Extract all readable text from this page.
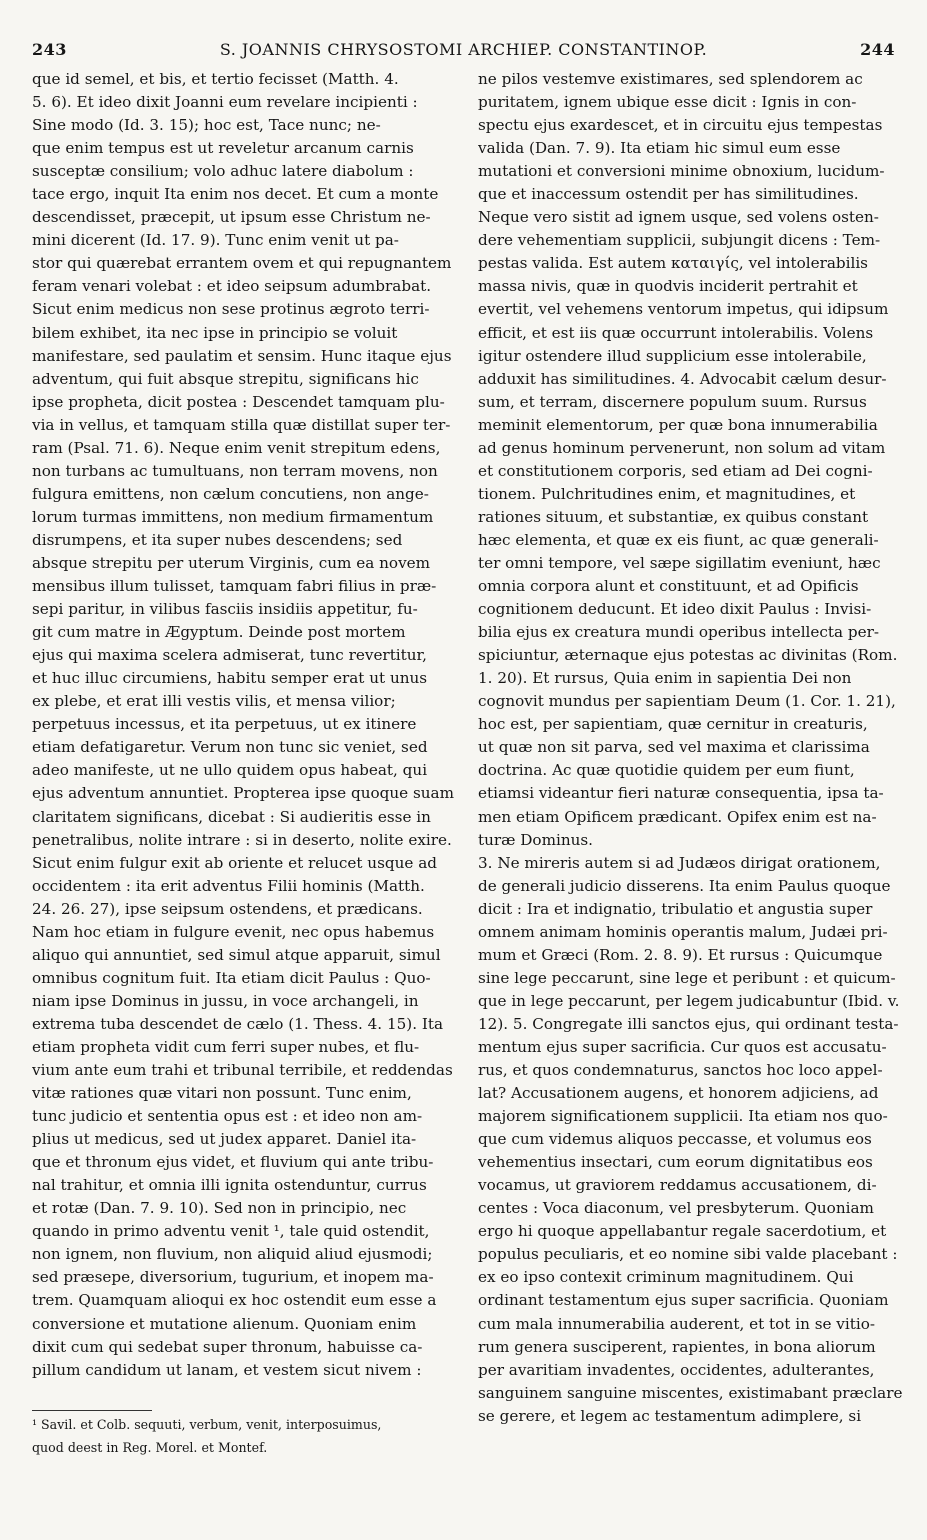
243	S. JOANNIS CHRYSOSTOMI ARCHIEP. CONSTANTINOP.	244
que id semel, et bis, et tertio fecisset (Matth. 4.
5. 6). Et ideo dixit Joanni eum revelare incipienti :
Sine modo (Id. 3. 15); hoc est, Tace nunc; ne-
que enim tempus est ut reveletur arcanum carnis
susceptæ consilium; volo adhuc latere diabolum :
tace ergo, inquit Ita enim nos decet. Et cum a monte
descendisset, præcepit, ut ipsum esse Christum ne-
mini dicerent (Id. 17. 9). Tunc enim venit ut pa-
stor qui quærebat errantem ovem et qui repugnantem
feram venari volebat : et ideo seipsum adumbrabat.
Sicut enim medicus non sese protinus ægroto terri-
bilem exhibet, ita nec ipse in principio se voluit
manifestare, sed paulatim et sensim. Hunc itaque ejus
adventum, qui fuit absque strepitu, significans hic
ipse propheta, dicit postea : Descendet tamquam plu-
via in vellus, et tamquam stilla quæ distillat super ter-
ram (Psal. 71. 6). Neque enim venit strepitum edens,
non turbans ac tumultuans, non terram movens, non
fulgura emittens, non cælum concutiens, non ange-
lorum turmas immittens, non medium firmamentum
disrumpens, et ita super nubes descendens; sed
absque strepitu per uterum Virginis, cum ea novem
mensibus illum tulisset, tamquam fabri filius in præ-
sepi paritur, in vilibus fasciis insidiis appetitur, fu-
git cum matre in Ægyptum. Deinde post mortem
ejus qui maxima scelera admiserat, tunc revertitur,
et huc illuc circumiens, habitu semper erat ut unus
ex plebe, et erat illi vestis vilis, et mensa vilior;
perpetuus incessus, et ita perpetuus, ut ex itinere
etiam defatigaretur. Verum non tunc sic veniet, sed
adeo manifeste, ut ne ullo quidem opus habeat, qui
ejus adventum annuntiet. Propterea ipse quoque suam
claritatem significans, dicebat : Si audieritis esse in
penetralibus, nolite intrare : si in deserto, nolite exire.
Sicut enim fulgur exit ab oriente et relucet usque ad
occidentem : ita erit adventus Filii hominis (Matth.
24. 26. 27), ipse seipsum ostendens, et prædicans.
Nam hoc etiam in fulgure evenit, nec opus habemus
aliquo qui annuntiet, sed simul atque apparuit, simul
omnibus cognitum fuit. Ita etiam dicit Paulus : Quo-
niam ipse Dominus in jussu, in voce archangeli, in
extrema tuba descendet de cælo (1. Thess. 4. 15). Ita
etiam propheta vidit cum ferri super nubes, et flu-
vium ante eum trahi et tribunal terribile, et reddendas
vitæ rationes quæ vitari non possunt. Tunc enim,
tunc judicio et sententia opus est : et ideo non am-
plius ut medicus, sed ut judex apparet. Daniel ita-
que et thronum ejus videt, et fluvium qui ante tribu-
nal trahitur, et omnia illi ignita ostenduntur, currus
et rotæ (Dan. 7. 9. 10). Sed non in principio, nec
quando in primo adventu venit ¹, tale quid ostendit,
non ignem, non fluvium, non aliquid aliud ejusmodi;
sed præsepe, diversorium, tugurium, et inopem ma-
trem. Quamquam alioqui ex hoc ostendit eum esse a
conversione et mutatione alienum. Quoniam enim
dixit cum qui sedebat super thronum, habuisse ca-
pillum candidum ut lanam, et vestem sicut nivem :
ne pilos vestemve existimares, sed splendorem ac
puritatem, ignem ubique esse dicit : Ignis in con-
spectu ejus exardescet, et in circuitu ejus tempestas
valida (Dan. 7. 9). Ita etiam hic simul eum esse
mutationi et conversioni minime obnoxium, lucidum-
que et inaccessum ostendit per has similitudines.
Neque vero sistit ad ignem usque, sed volens osten-
dere vehementiam supplicii, subjungit dicens : Tem-
pestas valida. Est autem καταιγίς, vel intolerabilis
massa nivis, quæ in quodvis inciderit pertrahit et
evertit, vel vehemens ventorum impetus, qui idipsum
efficit, et est iis quæ occurrunt intolerabilis. Volens
igitur ostendere illud supplicium esse intolerabile,
adduxit has similitudines. 4. Advocabit cælum desur-
sum, et terram, discernere populum suum. Rursus
meminit elementorum, per quæ bona innumerabilia
ad genus hominum pervenerunt, non solum ad vitam
et constitutionem corporis, sed etiam ad Dei cogni-
tionem. Pulchritudines enim, et magnitudines, et
rationes situum, et substantiæ, ex quibus constant
hæc elementa, et quæ ex eis fiunt, ac quæ generali-
ter omni tempore, vel sæpe sigillatim eveniunt, hæc
omnia corpora alunt et constituunt, et ad Opificis
cognitionem deducunt. Et ideo dixit Paulus : Invisi-
bilia ejus ex creatura mundi operibus intellecta per-
spiciuntur, æternaque ejus potestas ac divinitas (Rom.
1. 20). Et rursus, Quia enim in sapientia Dei non
cognovit mundus per sapientiam Deum (1. Cor. 1. 21),
hoc est, per sapientiam, quæ cernitur in creaturis,
ut quæ non sit parva, sed vel maxima et clarissima
doctrina. Ac quæ quotidie quidem per eum fiunt,
etiamsi videantur fieri naturæ consequentia, ipsa ta-
men etiam Opificem prædicant. Opifex enim est na-
turæ Dominus.
3. Ne mireris autem si ad Judæos dirigat orationem,
de generali judicio disserens. Ita enim Paulus quoque
dicit : Ira et indignatio, tribulatio et angustia super
omnem animam hominis operantis malum, Judæi pri-
mum et Græci (Rom. 2. 8. 9). Et rursus : Quicumque
sine lege peccarunt, sine lege et peribunt : et quicum-
que in lege peccarunt, per legem judicabuntur (Ibid. v.
12). 5. Congregate illi sanctos ejus, qui ordinant testa-
mentum ejus super sacrificia. Cur quos est accusatu-
rus, et quos condemnaturus, sanctos hoc loco appel-
lat? Accusationem augens, et honorem adjiciens, ad
majorem significationem supplicii. Ita etiam nos quo-
que cum videmus aliquos peccasse, et volumus eos
vehementius insectari, cum eorum dignitatibus eos
vocamus, ut graviorem reddamus accusationem, di-
centes : Voca diaconum, vel presbyterum. Quoniam
ergo hi quoque appellabantur regale sacerdotium, et
populus peculiaris, et eo nomine sibi valde placebant :
ex eo ipso contexit criminum magnitudinem. Qui
ordinant testamentum ejus super sacrificia. Quoniam
cum mala innumerabilia auderent, et tot in se vitio-
rum genera susciperent, rapientes, in bona aliorum
per avaritiam invadentes, occidentes, adulterantes,
sanguinem sanguine miscentes, existimabant præclare
se gerere, et legem ac testamentum adimplere, si
¹ Savil. et Colb. sequuti, verbum, venit, interposuimus,
quod deest in Reg. Morel. et Montef.
